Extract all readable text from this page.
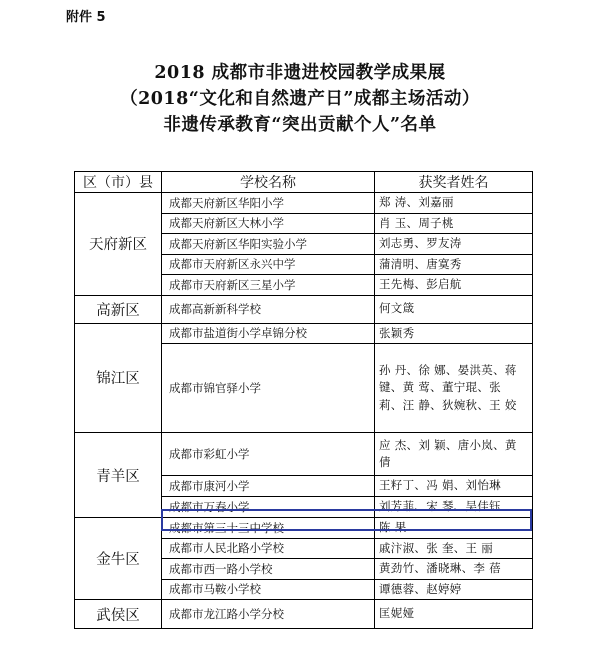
附件 5
2018 成都市非遗进校园教学成果展
（2018“文化和自然遗产日”成都主场活动）
非遗传承教育“突出贡献个人”名单
区（市）县	学校名称	获奖者姓名
天府新区	成都天府新区华阳小学	郑 涛、刘嘉丽
	成都天府新区大林小学	肖 玉、周子桃
	成都天府新区华阳实验小学	刘志勇、罗友涛
	成都市天府新区永兴中学	蒲清明、唐寞秀
	成都市天府新区三星小学	王先梅、彭启航
高新区	成都高新新科学校	何文箴
锦江区	成都市盐道街小学卓锦分校	张颖秀
	成都市锦官驿小学	孙 丹、徐 娜、晏洪英、蒋 键、黄 莺、董宁琨、张 莉、汪 静、狄婉秋、王 姣
青羊区	成都市彩虹小学	应 杰、刘 颖、唐小岚、黄 倩
	成都市康河小学	王籽丁、冯 娟、刘怡琳
	成都市万春小学	刘芳菲、宋 琴、吴佳钰
金牛区	成都市第三十三中学校	陈 果
	成都市人民北路小学校	戚汴淑、张 奎、王 丽
	成都市西一路小学校	黄劲竹、潘晓琳、李 蓓
	成都市马鞍小学校	谭德蓉、赵婷婷
武侯区	成都市龙江路小学分校	匡妮娅
